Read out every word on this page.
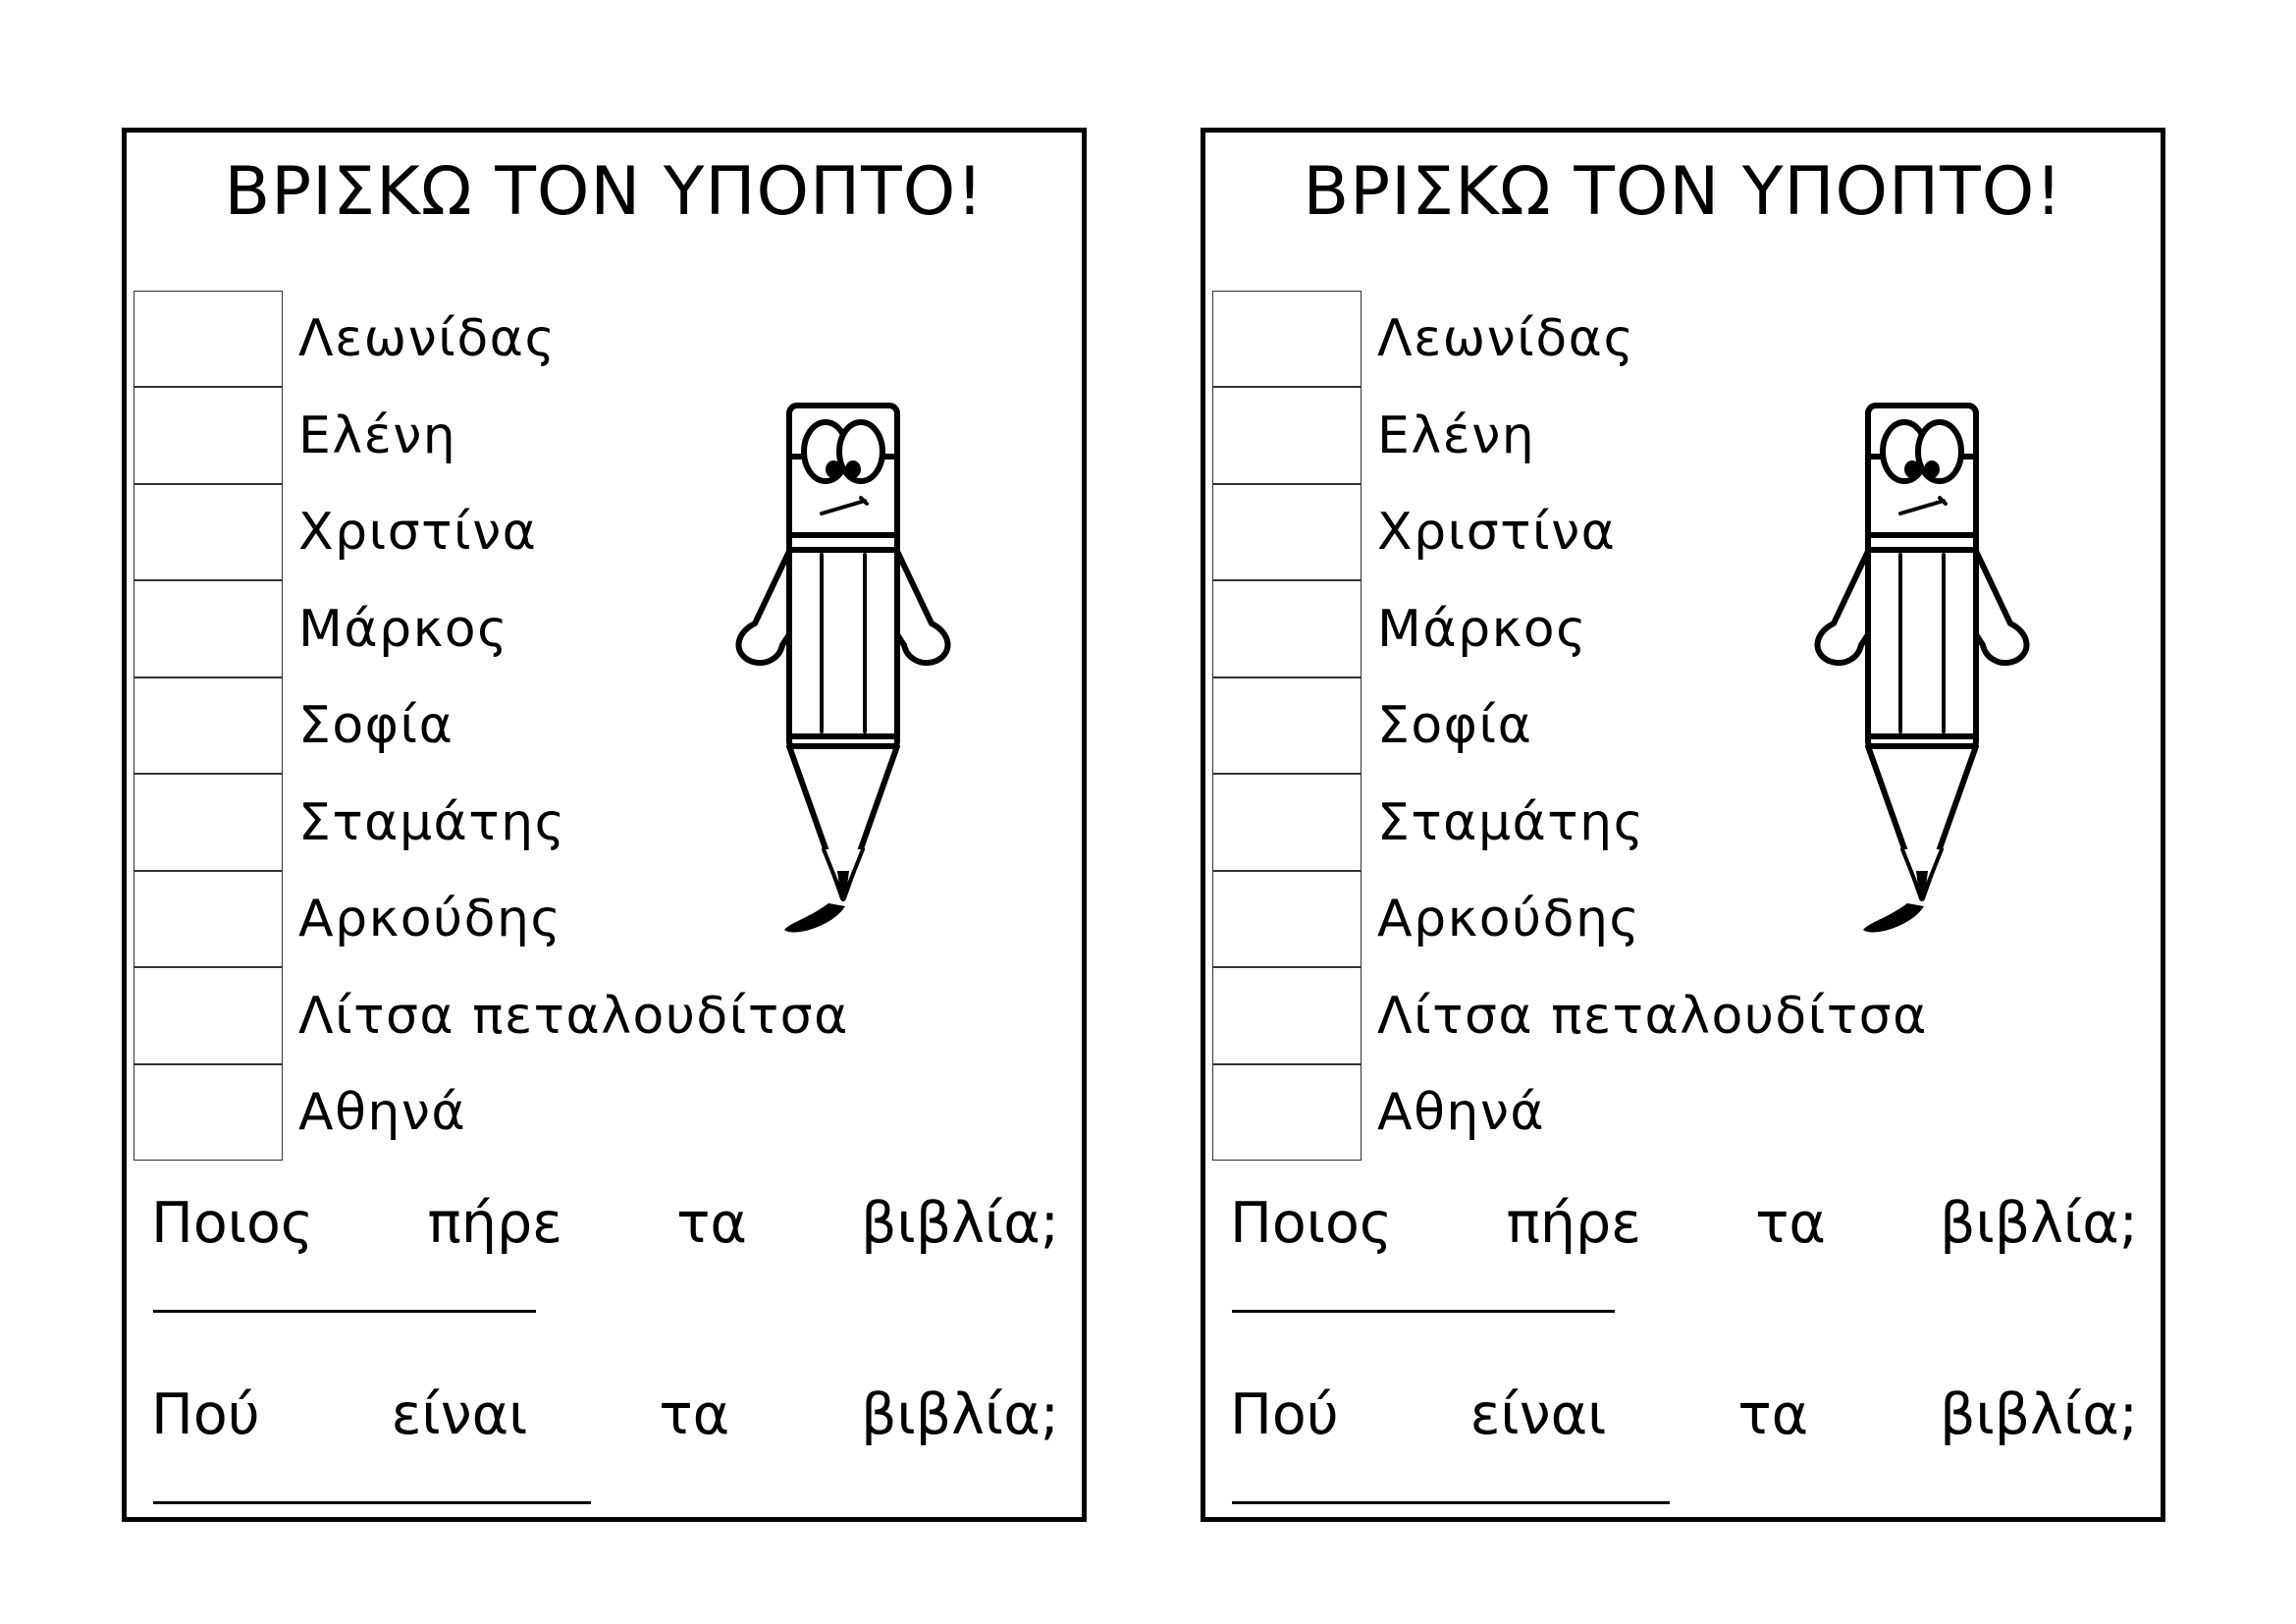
ΒΡΙΣΚΩ ΤΟΝ ΥΠΟΠΤΟ!
Λεωνίδας
Ελένη
Χριστίνα
Μάρκος
Σοφία
Σταμάτης
Αρκούδης
Λίτσα πεταλουδίτσα
Αθηνά
Ποιος πήρε τα βιβλία;
Πού είναι τα βιβλία;
ΒΡΙΣΚΩ ΤΟΝ ΥΠΟΠΤΟ!
Λεωνίδας
Ελένη
Χριστίνα
Μάρκος
Σοφία
Σταμάτης
Αρκούδης
Λίτσα πεταλουδίτσα
Αθηνά
Ποιος πήρε τα βιβλία;
Πού είναι τα βιβλία;
